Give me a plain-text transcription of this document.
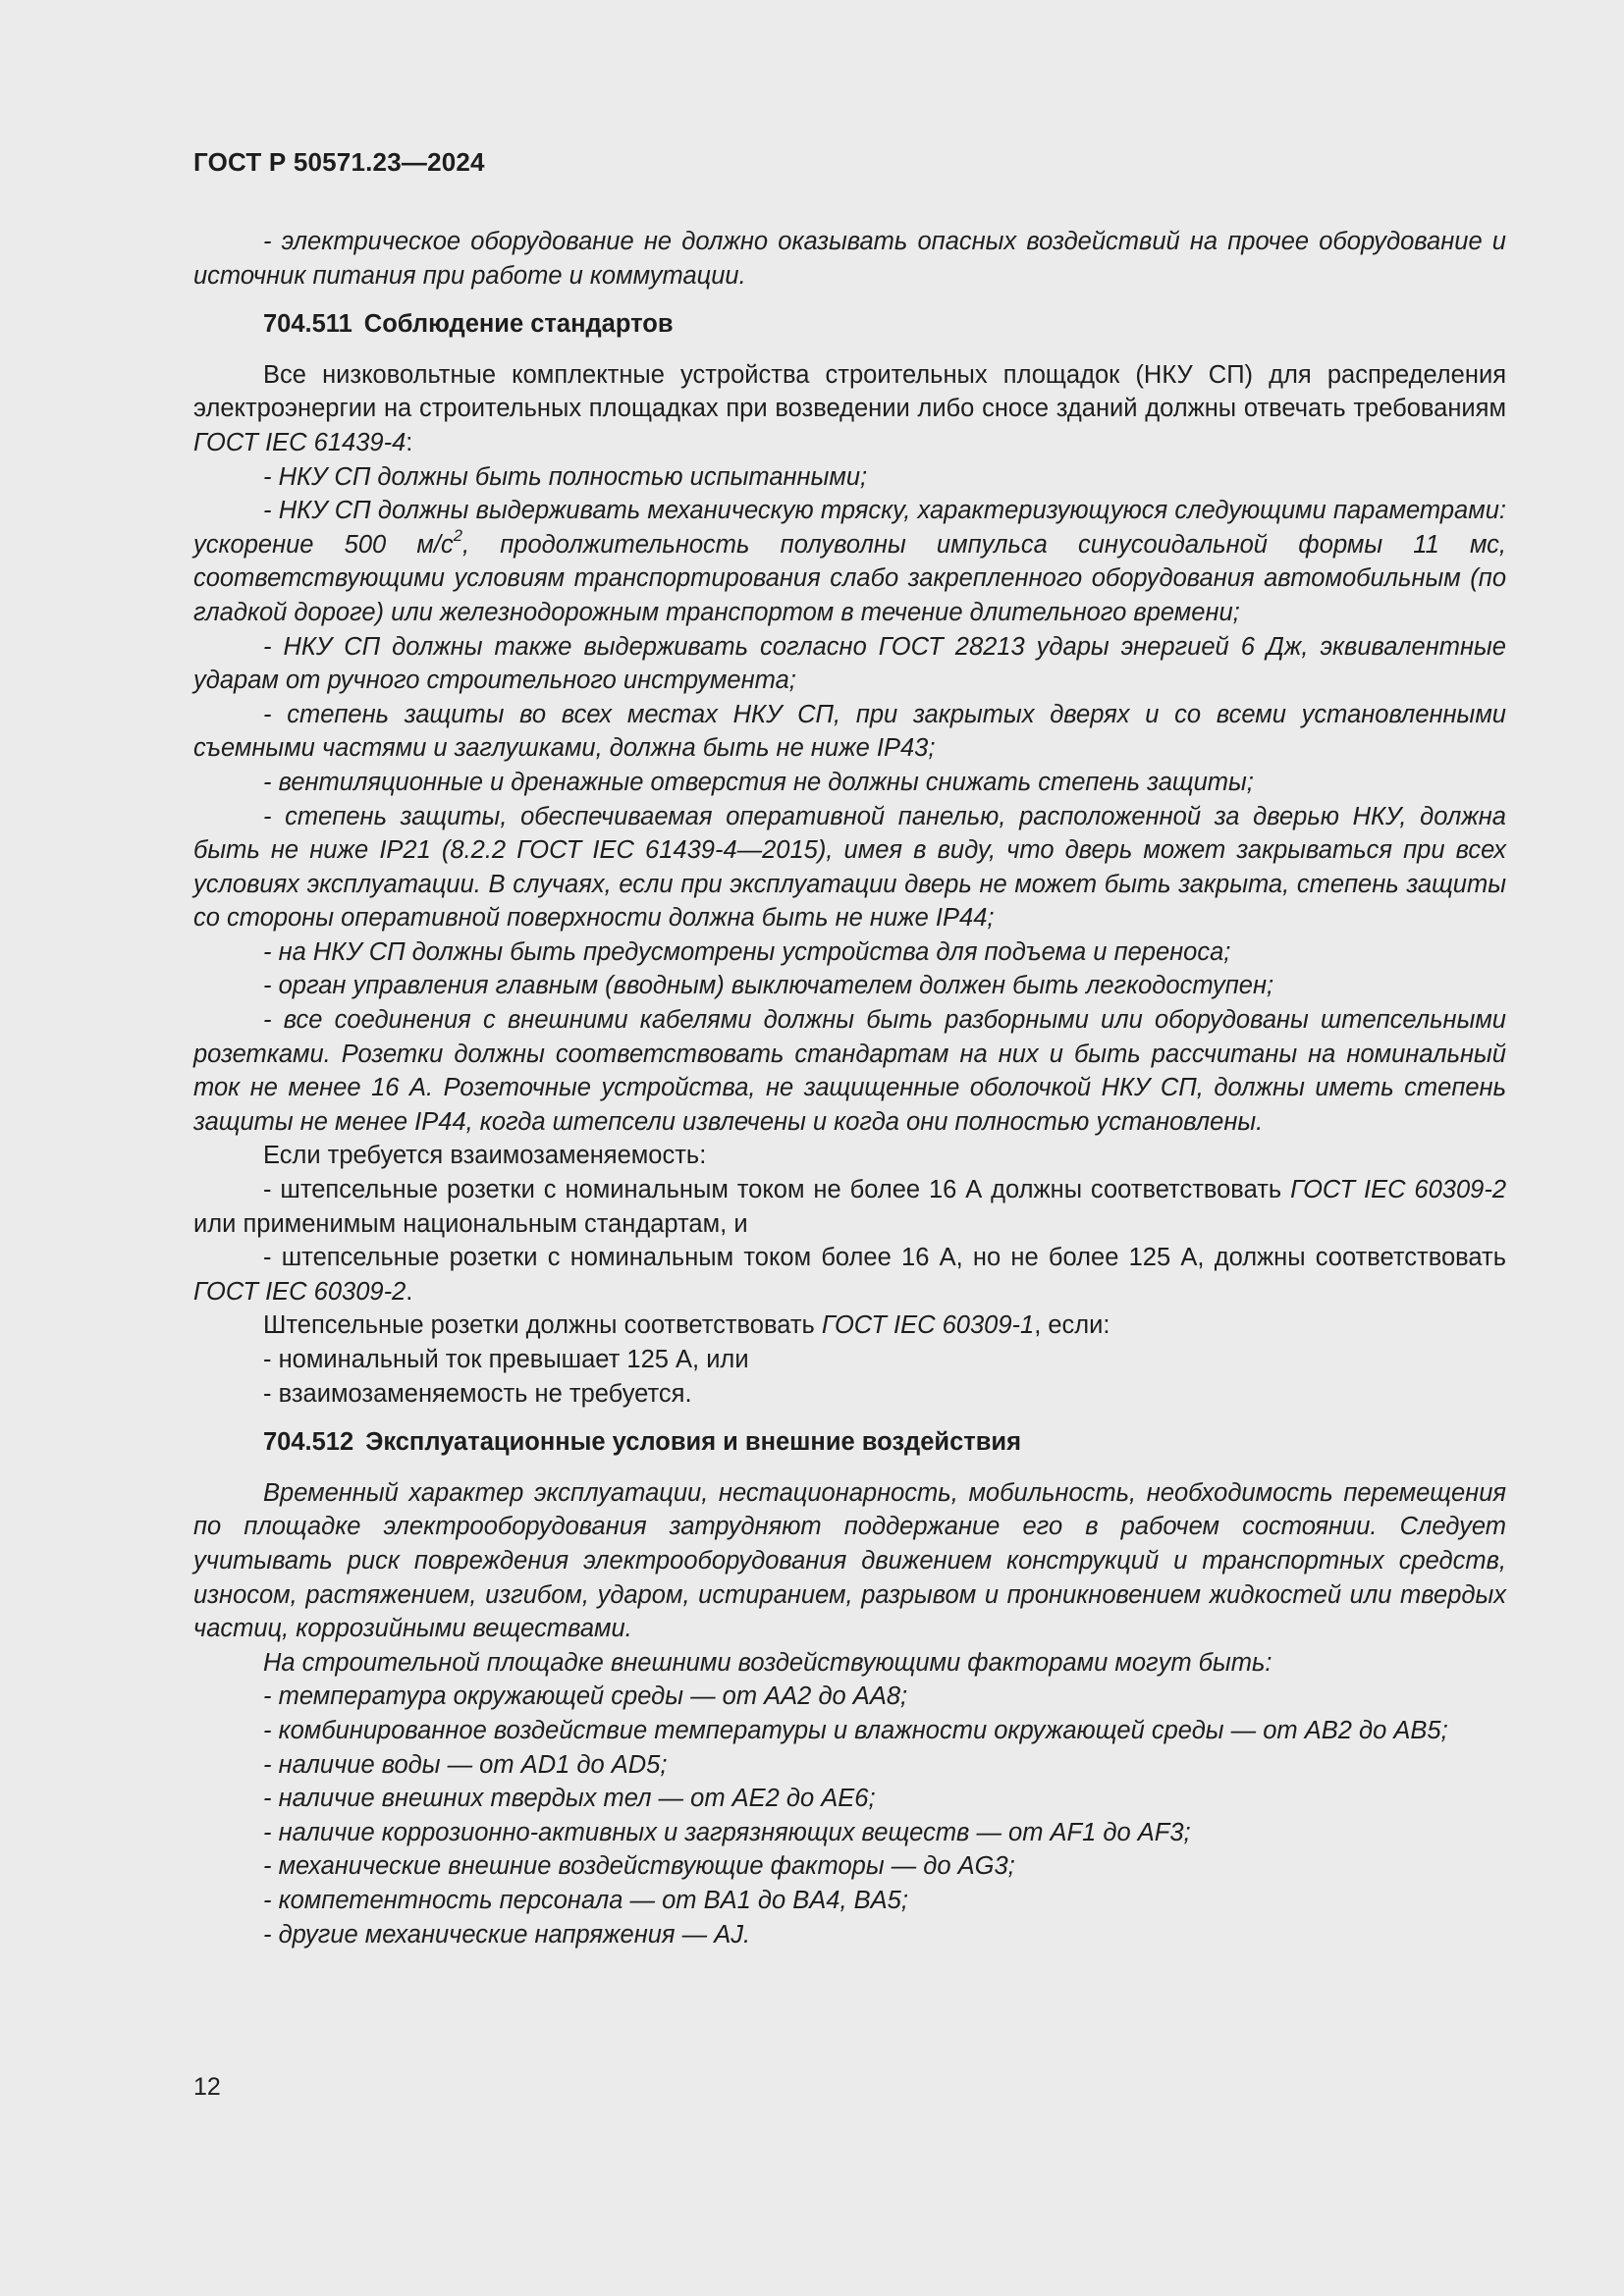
ГОСТ Р 50571.23—2024

- электрическое оборудование не должно оказывать опасных воздействий на прочее оборудование и источник питания при работе и коммутации.

704.511 Соблюдение стандартов

Все низковольтные комплектные устройства строительных площадок (НКУ СП) для распределения электроэнергии на строительных площадках при возведении либо сносе зданий должны отвечать требованиям ГОСТ IEC 61439-4:

- НКУ СП должны быть полностью испытанными;

- НКУ СП должны выдерживать механическую тряску, характеризующуюся следующими параметрами: ускорение 500 $м/с^2$, продолжительность полуволны импульса синусоидальной формы 11 мс, соответствующими условиям транспортирования слабо закрепленного оборудования автомобильным (по гладкой дороге) или железнодорожным транспортом в течение длительного времени;

- НКУ СП должны также выдерживать согласно ГОСТ 28213 удары энергией 6 Дж, эквивалентные ударам от ручного строительного инструмента;

- степень защиты во всех местах НКУ СП, при закрытых дверях и со всеми установленными съемными частями и заглушками, должна быть не ниже IP43;

- вентиляционные и дренажные отверстия не должны снижать степень защиты;

- степень защиты, обеспечиваемая оперативной панелью, расположенной за дверью НКУ, должна быть не ниже IP21 (8.2.2 ГОСТ IEC 61439-4—2015), имея в виду, что дверь может закрываться при всех условиях эксплуатации. В случаях, если при эксплуатации дверь не может быть закрыта, степень защиты со стороны оперативной поверхности должна быть не ниже IP44;

- на НКУ СП должны быть предусмотрены устройства для подъема и переноса;

- орган управления главным (вводным) выключателем должен быть легкодоступен;

- все соединения с внешними кабелями должны быть разборными или оборудованы штепсельными розетками. Розетки должны соответствовать стандартам на них и быть рассчитаны на номинальный ток не менее 16 А. Розеточные устройства, не защищенные оболочкой НКУ СП, должны иметь степень защиты не менее IP44, когда штепсели извлечены и когда они полностью установлены.

Если требуется взаимозаменяемость:

- штепсельные розетки с номинальным током не более 16 А должны соответствовать ГОСТ IEC 60309-2 или применимым национальным стандартам, и

- штепсельные розетки с номинальным током более 16 А, но не более 125 А, должны соответствовать ГОСТ IEC 60309-2.

Штепсельные розетки должны соответствовать ГОСТ IEC 60309-1, если:

- номинальный ток превышает 125 А, или

- взаимозаменяемость не требуется.

704.512 Эксплуатационные условия и внешние воздействия

Временный характер эксплуатации, нестационарность, мобильность, необходимость перемещения по площадке электрооборудования затрудняют поддержание его в рабочем состоянии. Следует учитывать риск повреждения электрооборудования движением конструкций и транспортных средств, износом, растяжением, изгибом, ударом, истиранием, разрывом и проникновением жидкостей или твердых частиц, коррозийными веществами.

На строительной площадке внешними воздействующими факторами могут быть:

- температура окружающей среды — от AA2 до AA8;

- комбинированное воздействие температуры и влажности окружающей среды — от AB2 до AB5;

- наличие воды — от AD1 до AD5;

- наличие внешних твердых тел — от AE2 до AE6;

- наличие коррозионно-активных и загрязняющих веществ — от AF1 до AF3;

- механические внешние воздействующие факторы — до AG3;

- компетентность персонала — от BA1 до BA4, BA5;

- другие механические напряжения — AJ.

12
